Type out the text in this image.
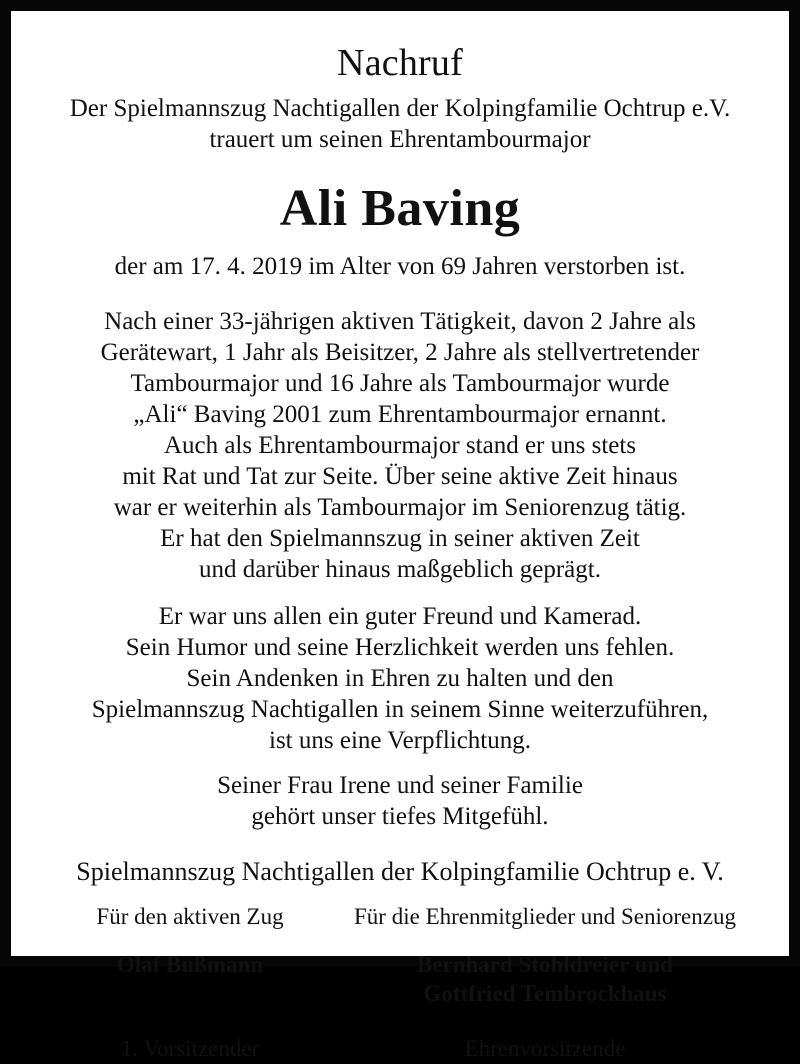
Nachruf
Der Spielmannszug Nachtigallen der Kolpingfamilie Ochtrup e.V.
trauert um seinen Ehrentambourmajor
Ali Baving
der am 17. 4. 2019 im Alter von 69 Jahren verstorben ist.
Nach einer 33-jährigen aktiven Tätigkeit, davon 2 Jahre als
Gerätewart, 1 Jahr als Beisitzer, 2 Jahre als stellvertretender
Tambourmajor und 16 Jahre als Tambourmajor wurde
„Ali“ Baving 2001 zum Ehrentambourmajor ernannt.
Auch als Ehrentambourmajor stand er uns stets
mit Rat und Tat zur Seite. Über seine aktive Zeit hinaus
war er weiterhin als Tambourmajor im Seniorenzug tätig.
Er hat den Spielmannszug in seiner aktiven Zeit
und darüber hinaus maßgeblich geprägt.
Er war uns allen ein guter Freund und Kamerad.
Sein Humor und seine Herzlichkeit werden uns fehlen.
Sein Andenken in Ehren zu halten und den
Spielmannszug Nachtigallen in seinem Sinne weiterzuführen,
ist uns eine Verpflichtung.
Seiner Frau Irene und seiner Familie
gehört unser tiefes Mitgefühl.
Spielmannszug Nachtigallen der Kolpingfamilie Ochtrup e. V.
Für den aktiven Zug
Olaf Bußmann
1. Vorsitzender
Für die Ehrenmitglieder und Seniorenzug
Bernhard Stohldreier und
Gottfried Tembrockhaus
Ehrenvorsitzende
